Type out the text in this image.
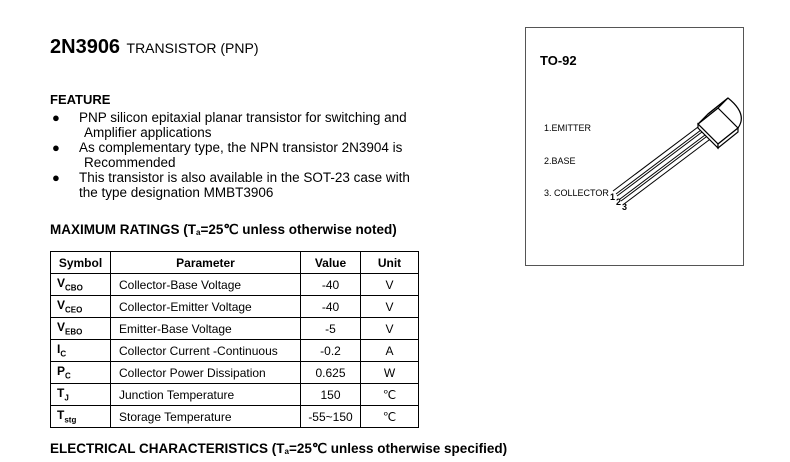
2N3906 TRANSISTOR (PNP)
FEATURE
● PNP silicon epitaxial planar transistor for switching and
Amplifier applications
● As complementary type, the NPN transistor 2N3904 is
Recommended
● This transistor is also available in the SOT-23 case with
the type designation MMBT3906
MAXIMUM RATINGS ($T_a=25℃$ unless otherwise noted)
Symbol	Parameter	Value	Unit
$V_{CBO}$	Collector-Base Voltage	-40	V
$V_{CEO}$	Collector-Emitter Voltage	-40	V
$V_{EBO}$	Emitter-Base Voltage	-5	V
$I_C$	Collector Current -Continuous	-0.2	A
$P_C$	Collector Power Dissipation	0.625	W
$T_J$	Junction Temperature	150	℃
$T_{stg}$	Storage Temperature	-55~150	℃
ELECTRICAL CHARACTERISTICS ($T_a=25℃$ unless otherwise specified)
TO-92
1.EMITTER
2.BASE
3. COLLECTOR 1 2 3
